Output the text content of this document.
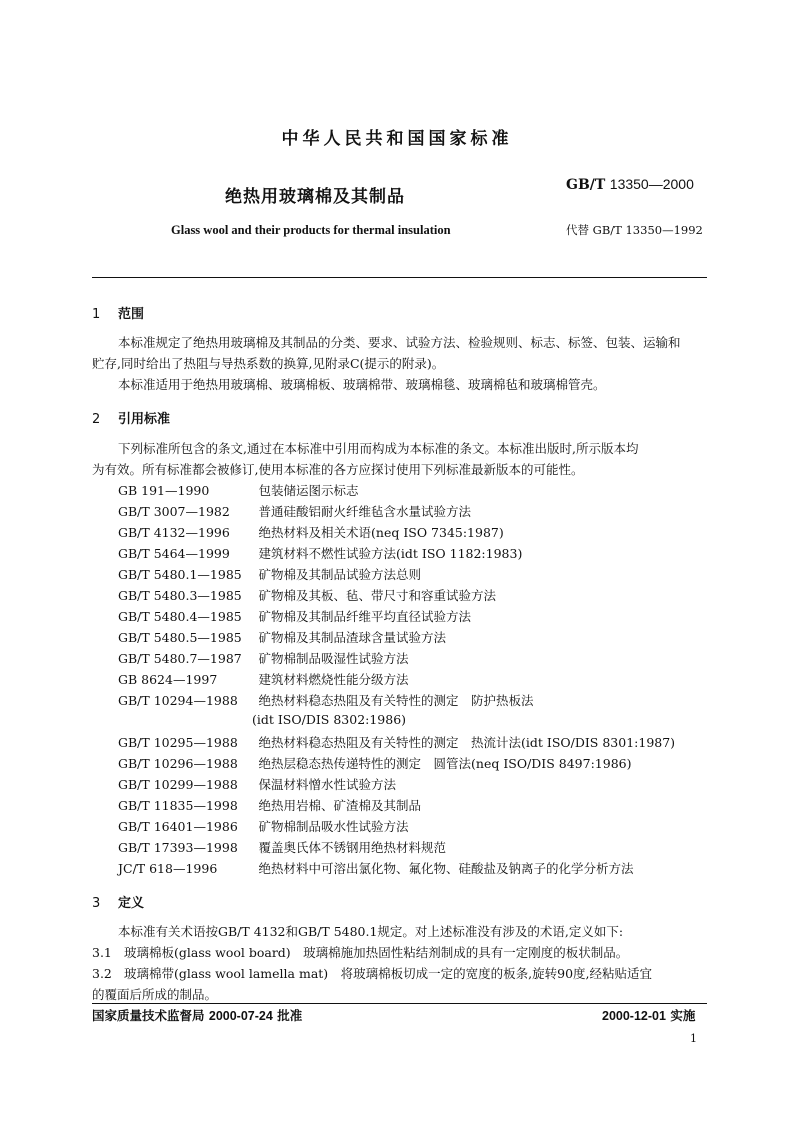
中华人民共和国国家标准
绝热用玻璃棉及其制品
GB/T 13350—2000
Glass wool and their products for thermal insulation	代替 GB/T 13350—1992
1 范围
本标准规定了绝热用玻璃棉及其制品的分类、要求、试验方法、检验规则、标志、标签、包装、运输和
贮存,同时给出了热阻与导热系数的换算,见附录C(提示的附录)。
本标准适用于绝热用玻璃棉、玻璃棉板、玻璃棉带、玻璃棉毯、玻璃棉毡和玻璃棉管壳。
2 引用标准
下列标准所包含的条文,通过在本标准中引用而构成为本标准的条文。本标准出版时,所示版本均
为有效。所有标准都会被修订,使用本标准的各方应探讨使用下列标准最新版本的可能性。
GB 191—1990　	包装储运图示标志
GB/T 3007—1982　 普通硅酸铝耐火纤维毡含水量试验方法
GB/T 4132—1996　 绝热材料及相关术语(neq ISO 7345:1987)
GB/T 5464—1999　 建筑材料不燃性试验方法(idt ISO 1182:1983)
GB/T 5480.1—1985　 矿物棉及其制品试验方法总则
GB/T 5480.3—1985　 矿物棉及其板、毡、带尺寸和容重试验方法
GB/T 5480.4—1985　 矿物棉及其制品纤维平均直径试验方法
GB/T 5480.5—1985　 矿物棉及其制品渣球含量试验方法
GB/T 5480.7—1987　 矿物棉制品吸湿性试验方法
GB 8624—1997　	建筑材料燃烧性能分级方法
GB/T 10294—1988　 绝热材料稳态热阻及有关特性的测定　防护热板法
(idt ISO/DIS 8302:1986)
GB/T 10295—1988　 绝热材料稳态热阻及有关特性的测定　热流计法(idt ISO/DIS 8301:1987)
GB/T 10296—1988　 绝热层稳态热传递特性的测定　圆管法(neq ISO/DIS 8497:1986)
GB/T 10299—1988　 保温材料憎水性试验方法
GB/T 11835—1998　 绝热用岩棉、矿渣棉及其制品
GB/T 16401—1986　 矿物棉制品吸水性试验方法
GB/T 17393—1998　 覆盖奥氏体不锈钢用绝热材料规范
JC/T 618—1996　	绝热材料中可溶出氯化物、氟化物、硅酸盐及钠离子的化学分析方法
3 定义
本标准有关术语按GB/T 4132和GB/T 5480.1规定。对上述标准没有涉及的术语,定义如下:
3.1 玻璃棉板(glass wool board)　玻璃棉施加热固性粘结剂制成的具有一定刚度的板状制品。
3.2 玻璃棉带(glass wool lamella mat)　将玻璃棉板切成一定的宽度的板条,旋转90度,经粘贴适宜
的覆面后所成的制品。
国家质量技术监督局 2000-07-24 批准	2000-12-01 实施
1
